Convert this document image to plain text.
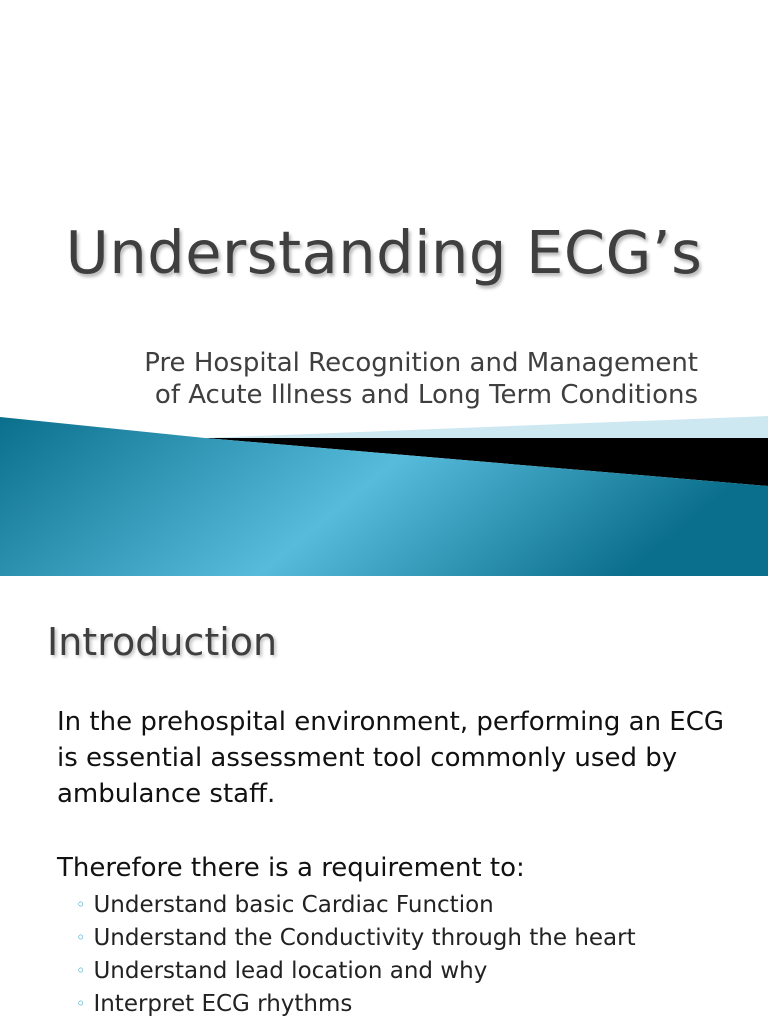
Understanding ECG’s
Pre Hospital Recognition and Management
of Acute Illness and Long Term Conditions
Introduction
In the prehospital environment, performing an ECG is essential assessment tool commonly used by ambulance staff.
Therefore there is a requirement to:
◦ Understand basic Cardiac Function
◦ Understand the Conductivity through the heart
◦ Understand lead location and why
◦ Interpret ECG rhythms
